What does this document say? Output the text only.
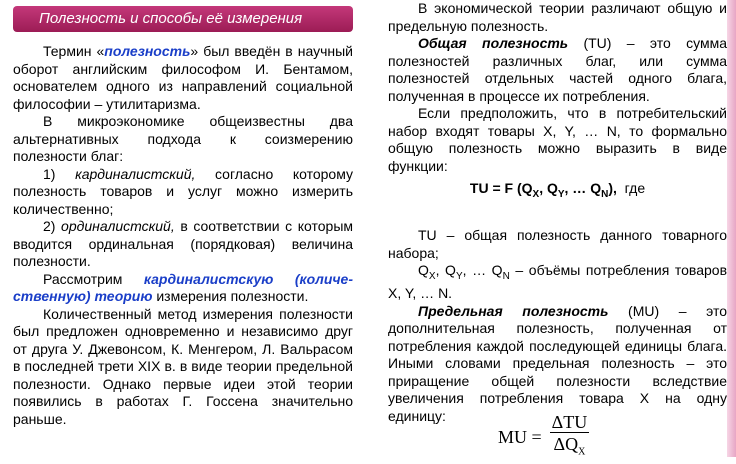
Полезность и способы её измерения

Термин «полезность» был введён в научный оборот английским философом И. Бентамом, основателем одного из направлений социальной философии – утилитаризма.

В микроэкономике общеизвестны два альтернативных подхода к соизмерению полезности благ:

1) кардиналистский, согласно которому полезность товаров и услуг можно измерить количественно;

2) ординалистский, в соответствии с которым вводится ординальная (порядковая) величина полезности.

Рассмотрим кардиналистскую (количе-ственную) теорию измерения полезности.

Количественный метод измерения полезности был предложен одновременно и независимо друг от друга У. Джевонсом, К. Менгером, Л. Вальрасом в последней трети XIX в. в виде теории предельной полезности. Однако первые идеи этой теории появились в работах Г. Госсена значительно раньше.

В экономической теории различают общую и предельную полезность.

Общая полезность (TU) – это сумма полезностей различных благ, или сумма полезностей отдельных частей одного блага, полученная в процессе их потребления.

Если предположить, что в потребительский набор входят товары X, Y, … N, то формально общую полезность можно выразить в виде функции:

TU = F ($Q_X$, $Q_Y$, … $Q_N$), где

TU – общая полезность данного товарного набора;

$Q_X$, $Q_Y$, … $Q_N$ – объёмы потребления товаров X, Y, … N.

Предельная полезность (MU) – это дополнительная полезность, полученная от потребления каждой последующей единицы блага. Иными словами предельная полезность – это приращение общей полезности вследствие увеличения потребления товара X на одну единицу:

MU = $\frac{\text{ΔTU}}{\Delta Q_X}$
